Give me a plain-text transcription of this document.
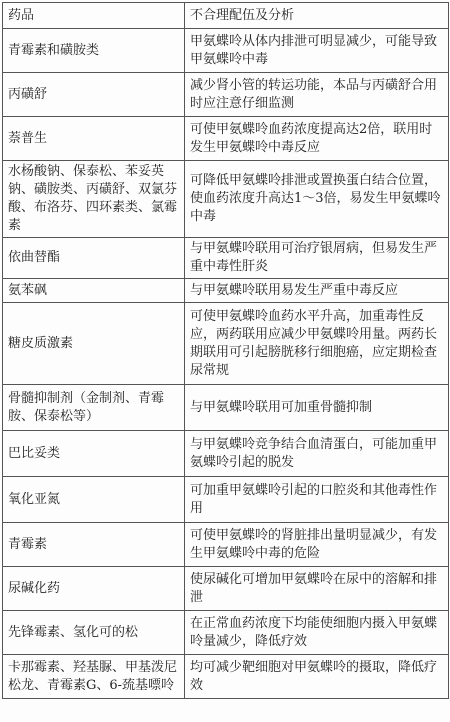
药品	不合理配伍及分析
青霉素和磺胺类	甲氨蝶呤从体内排泄可明显减少，可能导致甲氨蝶呤中毒
丙磺舒	减少肾小管的转运功能，本品与丙磺舒合用时应注意仔细监测
萘普生	可使甲氨蝶呤血药浓度提高达2倍，联用时发生甲氨蝶呤中毒反应
水杨酸钠、保泰松、苯妥英钠、磺胺类、丙磺舒、双氯芬酸、布洛芬、四环素类、氯霉素	可降低甲氨蝶呤排泄或置换蛋白结合位置，使血药浓度升高达1～3倍，易发生甲氨蝶呤中毒
依曲替酯	与甲氨蝶呤联用可治疗银屑病，但易发生严重中毒性肝炎
氨苯砜	与甲氨蝶呤联用易发生严重中毒反应
糖皮质激素	可使甲氨蝶呤血药水平升高，加重毒性反应，两药联用应减少甲氨蝶呤用量。两药长期联用可引起膀胱移行细胞癌，应定期检查尿常规
骨髓抑制剂（金制剂、青霉胺、保泰松等）	与甲氨蝶呤联用可加重骨髓抑制
巴比妥类	与甲氨蝶呤竞争结合血清蛋白，可能加重甲氨蝶呤引起的脱发
氧化亚氮	可加重甲氨蝶呤引起的口腔炎和其他毒性作用
青霉素	可使甲氨蝶呤的肾脏排出量明显减少，有发生甲氨蝶呤中毒的危险
尿碱化药	使尿碱化可增加甲氨蝶呤在尿中的溶解和排泄
先锋霉素、氢化可的松	在正常血药浓度下均能使细胞内摄入甲氨蝶呤量减少，降低疗效
卡那霉素、羟基脲、甲基泼尼松龙、青霉素G、6-巯基嘌呤	均可减少靶细胞对甲氨蝶呤的摄取，降低疗效
